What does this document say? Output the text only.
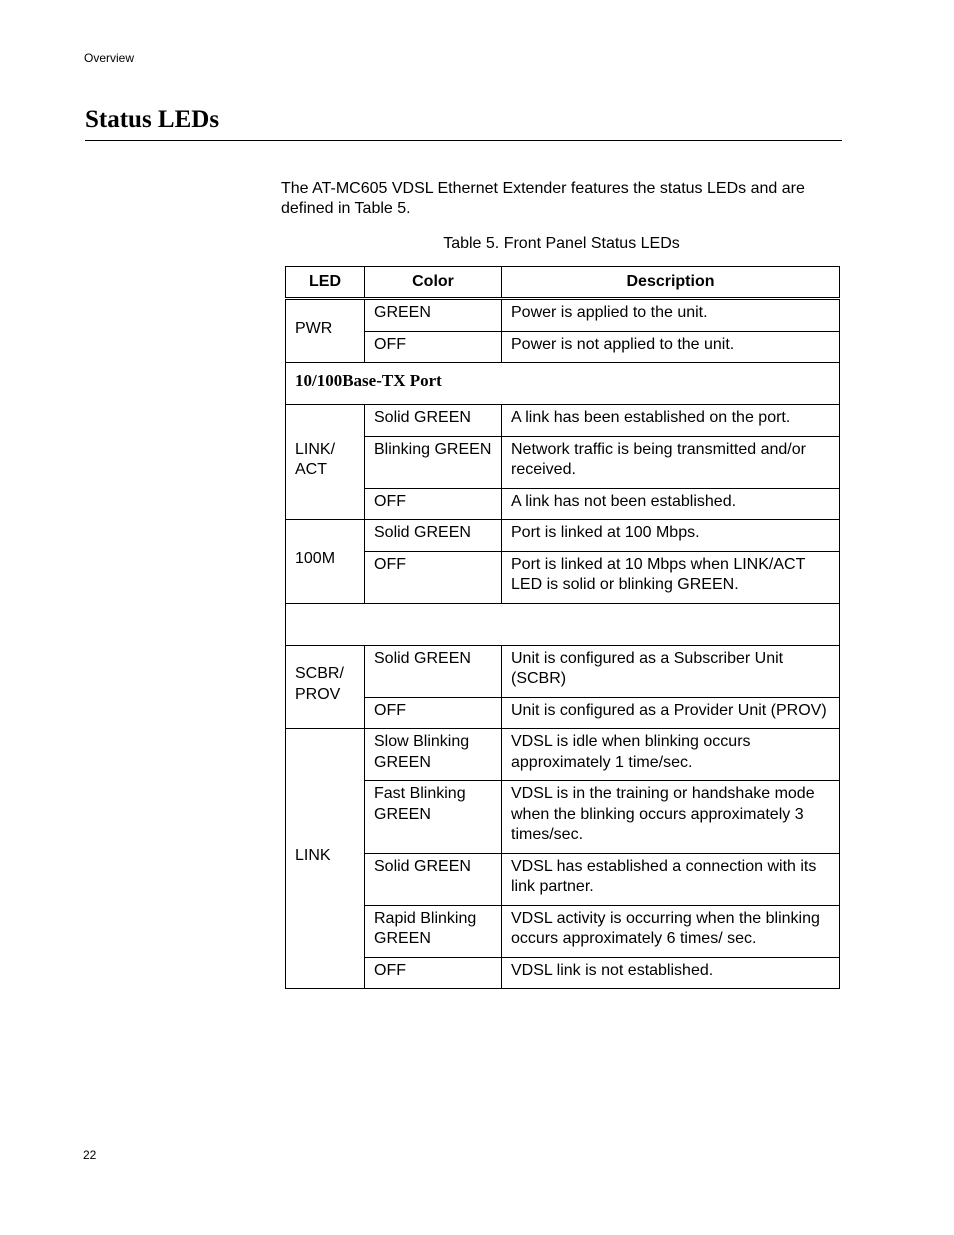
Overview
Status LEDs

The AT-MC605 VDSL Ethernet Extender features the status LEDs and are defined in Table 5.

Table 5. Front Panel Status LEDs
LED	Color	Description
PWR	GREEN	Power is applied to the unit.
	OFF	Power is not applied to the unit.
10/100Base-TX Port		
LINK/ ACT	Solid GREEN	A link has been established on the port.
	Blinking GREEN	Network traffic is being transmitted and/or received.
	OFF	A link has not been established.
100M	Solid GREEN	Port is linked at 100 Mbps.
	OFF	Port is linked at 10 Mbps when LINK/ACT LED is solid or blinking GREEN.

SCBR/ PROV	Solid GREEN	Unit is configured as a Subscriber Unit (SCBR)
	OFF	Unit is configured as a Provider Unit (PROV)
LINK	Slow Blinking GREEN	VDSL is idle when blinking occurs approximately 1 time/sec.
	Fast Blinking GREEN	VDSL is in the training or handshake mode when the blinking occurs approximately 3 times/sec.
	Solid GREEN	VDSL has established a connection with its link partner.
	Rapid Blinking GREEN	VDSL activity is occurring when the blinking occurs approximately 6 times/ sec.
	OFF	VDSL link is not established.
22
